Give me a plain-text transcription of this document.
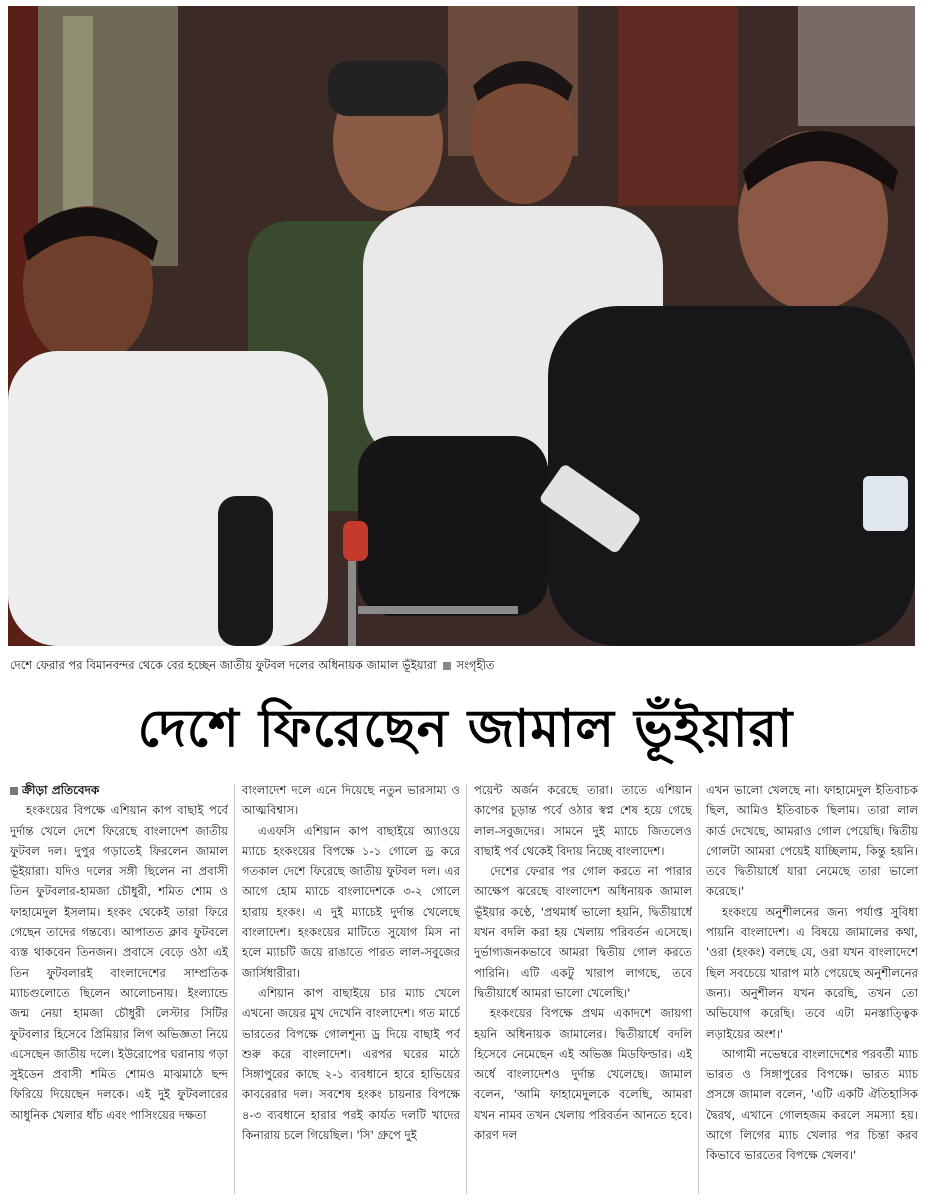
দেশে ফেরার পর বিমানবন্দর থেকে বের হচ্ছেন জাতীয় ফুটবল দলের অধিনায়ক জামাল ভূঁইয়ারা সংগৃহীত
দেশে ফিরেছেন জামাল ভূঁইয়ারা
ক্রীড়া প্রতিবেদক

হংকংয়ের বিপক্ষে এশিয়ান কাপ বাছাই পর্বে দুর্দান্ত খেলে দেশে ফিরেছে বাংলাদেশ জাতীয় ফুটবল দল। দুপুর গড়াতেই ফিরলেন জামাল ভূঁইয়ারা। যদিও দলের সঙ্গী ছিলেন না প্রবাসী তিন ফুটবলার-হামজা চৌধুরী, শমিত শোম ও ফাহামেদুল ইসলাম। হংকং থেকেই তারা ফিরে গেছেন তাদের গন্তব্যে। আপাতত ক্লাব ফুটবলে ব্যস্ত থাকবেন তিনজন। প্রবাসে বেড়ে ওঠা এই তিন ফুটবলারই বাংলাদেশের সাম্প্রতিক ম্যাচগুলোতে ছিলেন আলোচনায়। ইংল্যান্ডে জন্ম নেয়া হামজা চৌধুরী লেস্টার সিটির ফুটবলার হিসেবে প্রিমিয়ার লিগ অভিজ্ঞতা নিয়ে এসেছেন জাতীয় দলে। ইউরোপের ঘরানায় গড়া সুইডেন প্রবাসী শমিত শোমও মাঝমাঠে ছন্দ ফিরিয়ে দিয়েছেন দলকে। এই দুই ফুটবলারের আধুনিক খেলার ধাঁচ এবং পাসিংয়ের দক্ষতা

বাংলাদেশ দলে এনে দিয়েছে নতুন ভারসাম্য ও আত্মবিশ্বাস।

এএফসি এশিয়ান কাপ বাছাইয়ে অ্যাওয়ে ম্যাচে হংকংয়ের বিপক্ষে ১-১ গোলে ড্র করে গতকাল দেশে ফিরেছে জাতীয় ফুটবল দল। এর আগে হোম ম্যাচে বাংলাদেশকে ৩-২ গোলে হারায় হংকং। এ দুই ম্যাচেই দুর্দান্ত খেলেছে বাংলাদেশ। হংকংয়ের মাটিতে সুযোগ মিস না হলে ম্যাচটি জয়ে রাঙাতে পারত লাল-সবুজের জার্সিধারীরা।

এশিয়ান কাপ বাছাইয়ে চার ম্যাচ খেলে এখনো জয়ের মুখ দেখেনি বাংলাদেশ। গত মার্চে ভারতের বিপক্ষে গোলশূন্য ড্র দিয়ে বাছাই পর্ব শুরু করে বাংলাদেশ। এরপর ঘরের মাঠে সিঙ্গাপুরের কাছে ২-১ ব্যবধানে হারে হাভিয়ের কাবরেরার দল। সবশেষ হংকং চায়নার বিপক্ষে ৪-৩ ব্যবধানে হারার পরই কার্যত দলটি খাদের কিনারায় চলে গিয়েছিল। 'সি' গ্রুপে দুই

পয়েন্ট অর্জন করেছে তারা। তাতে এশিয়ান কাপের চূড়ান্ত পর্বে ওঠার স্বপ্ন শেষ হয়ে গেছে লাল-সবুজদের। সামনে দুই ম্যাচে জিতলেও বাছাই পর্ব থেকেই বিদায় নিচ্ছে বাংলাদেশ।

দেশের ফেরার পর গোল করতে না পারার আক্ষেপ ঝরেছে বাংলাদেশ অধিনায়ক জামাল ভূঁইয়ার কণ্ঠে, 'প্রথমার্ধ ভালো হয়নি, দ্বিতীয়ার্ধে যখন বদলি করা হয় খেলায় পরিবর্তন এসেছে। দুর্ভাগ্যজনকভাবে আমরা দ্বিতীয় গোল করতে পারিনি। এটি একটু খারাপ লাগছে, তবে দ্বিতীয়ার্ধে আমরা ভালো খেলেছি।'

হংকংয়ের বিপক্ষে প্রথম একাদশে জায়গা হয়নি অধিনায়ক জামালের। দ্বিতীয়ার্ধে বদলি হিসেবে নেমেছেন এই অভিজ্ঞ মিডফিল্ডার। এই অর্ধে বাংলাদেশও দুর্দান্ত খেলেছে। জামাল বলেন, 'আমি ফাহামেদুলকে বলেছি, আমরা যখন নামব তখন খেলায় পরিবর্তন আনতে হবে। কারণ দল

এখন ভালো খেলছে না। ফাহামেদুল ইতিবাচক ছিল, আমিও ইতিবাচক ছিলাম। তারা লাল কার্ড দেখেছে, আমরাও গোল পেয়েছি। দ্বিতীয় গোলটা আমরা পেয়েই যাচ্ছিলাম, কিন্তু হয়নি। তবে দ্বিতীয়ার্ধে যারা নেমেছে তারা ভালো করেছে।'

হংকংয়ে অনুশীলনের জন্য পর্যাপ্ত সুবিধা পায়নি বাংলাদেশ। এ বিষয়ে জামালের কথা, 'ওরা (হংকং) বলছে যে, ওরা যখন বাংলাদেশে ছিল সবচেয়ে খারাপ মাঠ পেয়েছে অনুশীলনের জন্য। অনুশীলন যখন করেছি, তখন তো অভিযোগ করেছি। তবে এটা মনস্তাত্ত্বিক লড়াইয়ের অংশ।'

আগামী নভেম্বরে বাংলাদেশের পরবর্তী ম্যাচ ভারত ও সিঙ্গাপুরের বিপক্ষে। ভারত ম্যাচ প্রসঙ্গে জামাল বলেন, 'এটি একটি ঐতিহাসিক দ্বৈরথ, এখানে গোলহজম করলে সমস্যা হয়। আগে লিগের ম্যাচ খেলার পর চিন্তা করব কিভাবে ভারতের বিপক্ষে খেলব।'
